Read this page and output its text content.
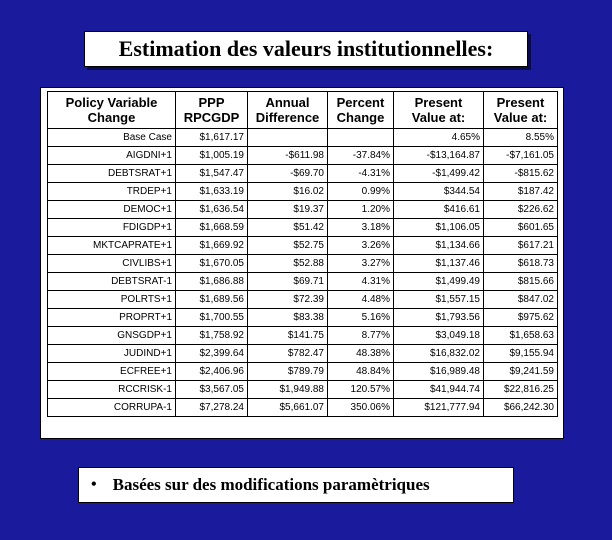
Estimation des valeurs institutionnelles:
Policy Variable Change	PPP RPCGDP	Annual Difference	Percent Change	Present Value at:	Present Value at:
Base Case	$1,617.17			4.65%	8.55%
AIGDNI+1	$1,005.19	-$611.98	-37.84%	-$13,164.87	-$7,161.05
DEBTSRAT+1	$1,547.47	-$69.70	-4.31%	-$1,499.42	-$815.62
TRDEP+1	$1,633.19	$16.02	0.99%	$344.54	$187.42
DEMOC+1	$1,636.54	$19.37	1.20%	$416.61	$226.62
FDIGDP+1	$1,668.59	$51.42	3.18%	$1,106.05	$601.65
MKTCAPRATE+1	$1,669.92	$52.75	3.26%	$1,134.66	$617.21
CIVLIBS+1	$1,670.05	$52.88	3.27%	$1,137.46	$618.73
DEBTSRAT-1	$1,686.88	$69.71	4.31%	$1,499.49	$815.66
POLRTS+1	$1,689.56	$72.39	4.48%	$1,557.15	$847.02
PROPRT+1	$1,700.55	$83.38	5.16%	$1,793.56	$975.62
GNSGDP+1	$1,758.92	$141.75	8.77%	$3,049.18	$1,658.63
JUDIND+1	$2,399.64	$782.47	48.38%	$16,832.02	$9,155.94
ECFREE+1	$2,406.96	$789.79	48.84%	$16,989.48	$9,241.59
RCCRISK-1	$3,567.05	$1,949.88	120.57%	$41,944.74	$22,816.25
CORRUPA-1	$7,278.24	$5,661.07	350.06%	$121,777.94	$66,242.30
• Basées sur des modifications paramètriques
